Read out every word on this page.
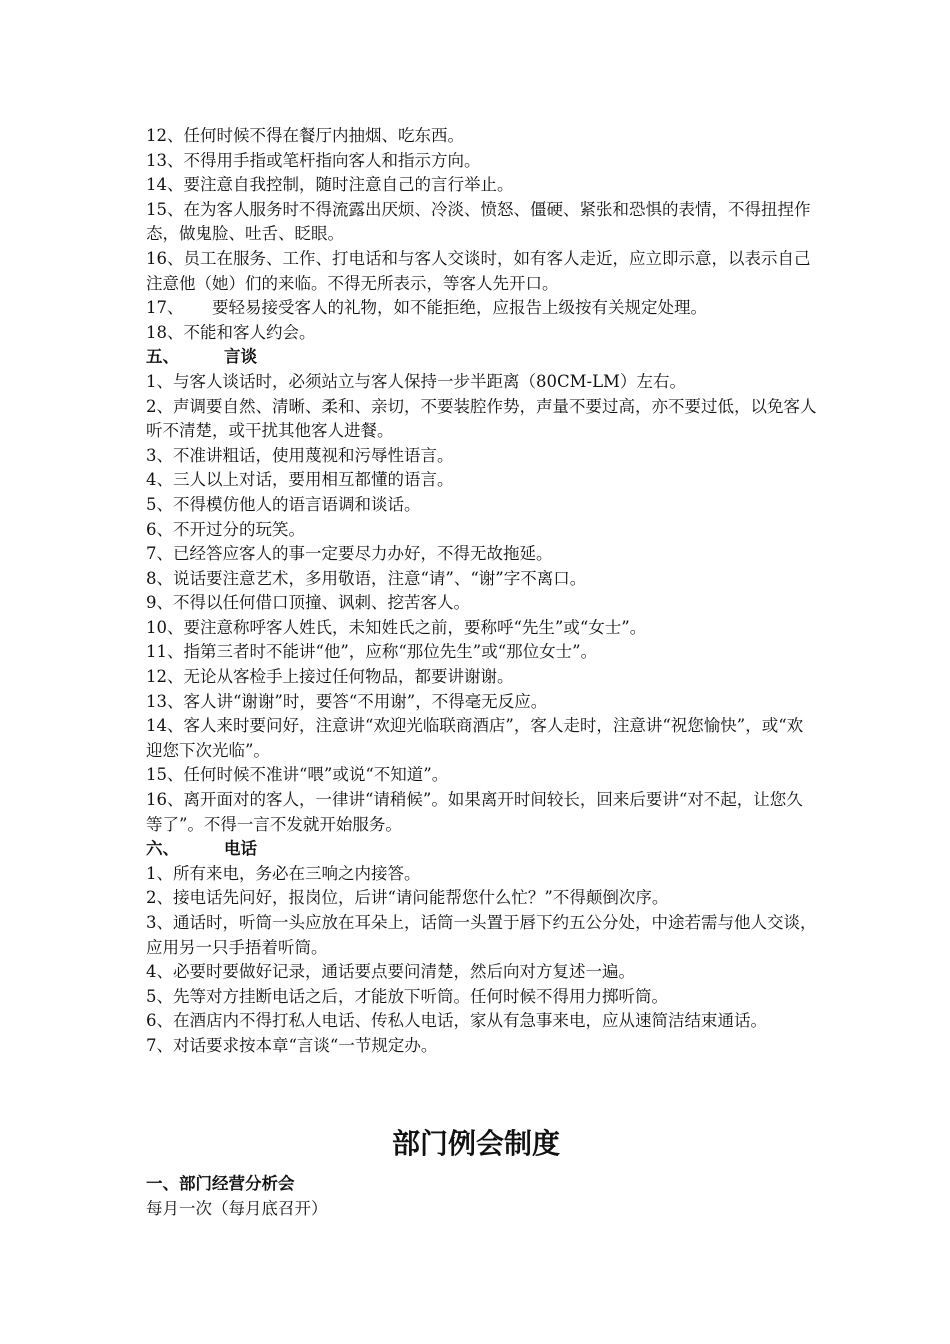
12、任何时候不得在餐厅内抽烟、吃东西。

13、不得用手指或笔杆指向客人和指示方向。

14、要注意自我控制，随时注意自己的言行举止。

15、在为客人服务时不得流露出厌烦、冷淡、愤怒、僵硬、紧张和恐惧的表情，不得扭捏作态，做鬼脸、吐舌、眨眼。

16、员工在服务、工作、打电话和与客人交谈时，如有客人走近，应立即示意，以表示自己注意他（她）们的来临。不得无所表示，等客人先开口。

17、 要轻易接受客人的礼物，如不能拒绝，应报告上级按有关规定处理。

18、不能和客人约会。

五、	言谈

1、与客人谈话时，必须站立与客人保持一步半距离（80CM-LM）左右。

2、声调要自然、清晰、柔和、亲切，不要装腔作势，声量不要过高，亦不要过低，以免客人听不清楚，或干扰其他客人进餐。

3、不准讲粗话，使用蔑视和污辱性语言。

4、三人以上对话，要用相互都懂的语言。

5、不得模仿他人的语言语调和谈话。

6、不开过分的玩笑。

7、已经答应客人的事一定要尽力办好，不得无故拖延。

8、说话要注意艺术，多用敬语，注意“请”、“谢”字不离口。

9、不得以任何借口顶撞、讽刺、挖苦客人。

10、要注意称呼客人姓氏，未知姓氏之前，要称呼“先生”或“女士”。

11、指第三者时不能讲“他”，应称“那位先生”或“那位女士”。

12、无论从客检手上接过任何物品，都要讲谢谢。

13、客人讲“谢谢”时，要答“不用谢”，不得毫无反应。

14、客人来时要问好，注意讲“欢迎光临联商酒店”，客人走时，注意讲“祝您愉快”，或“欢迎您下次光临”。

15、任何时候不准讲“喂”或说“不知道”。

16、离开面对的客人，一律讲“请稍候”。如果离开时间较长，回来后要讲“对不起，让您久等了”。不得一言不发就开始服务。

六、	电话

1、所有来电，务必在三响之内接答。

2、接电话先问好，报岗位，后讲“请问能帮您什么忙？”不得颠倒次序。

3、通话时，听筒一头应放在耳朵上，话筒一头置于唇下约五公分处，中途若需与他人交谈，应用另一只手捂着听筒。

4、必要时要做好记录，通话要点要问清楚，然后向对方复述一遍。

5、先等对方挂断电话之后，才能放下听筒。任何时候不得用力掷听筒。

6、在酒店内不得打私人电话、传私人电话，家从有急事来电，应从速简洁结束通话。

7、对话要求按本章“言谈“一节规定办。

部门例会制度

一、部门经营分析会

每月一次（每月底召开）
